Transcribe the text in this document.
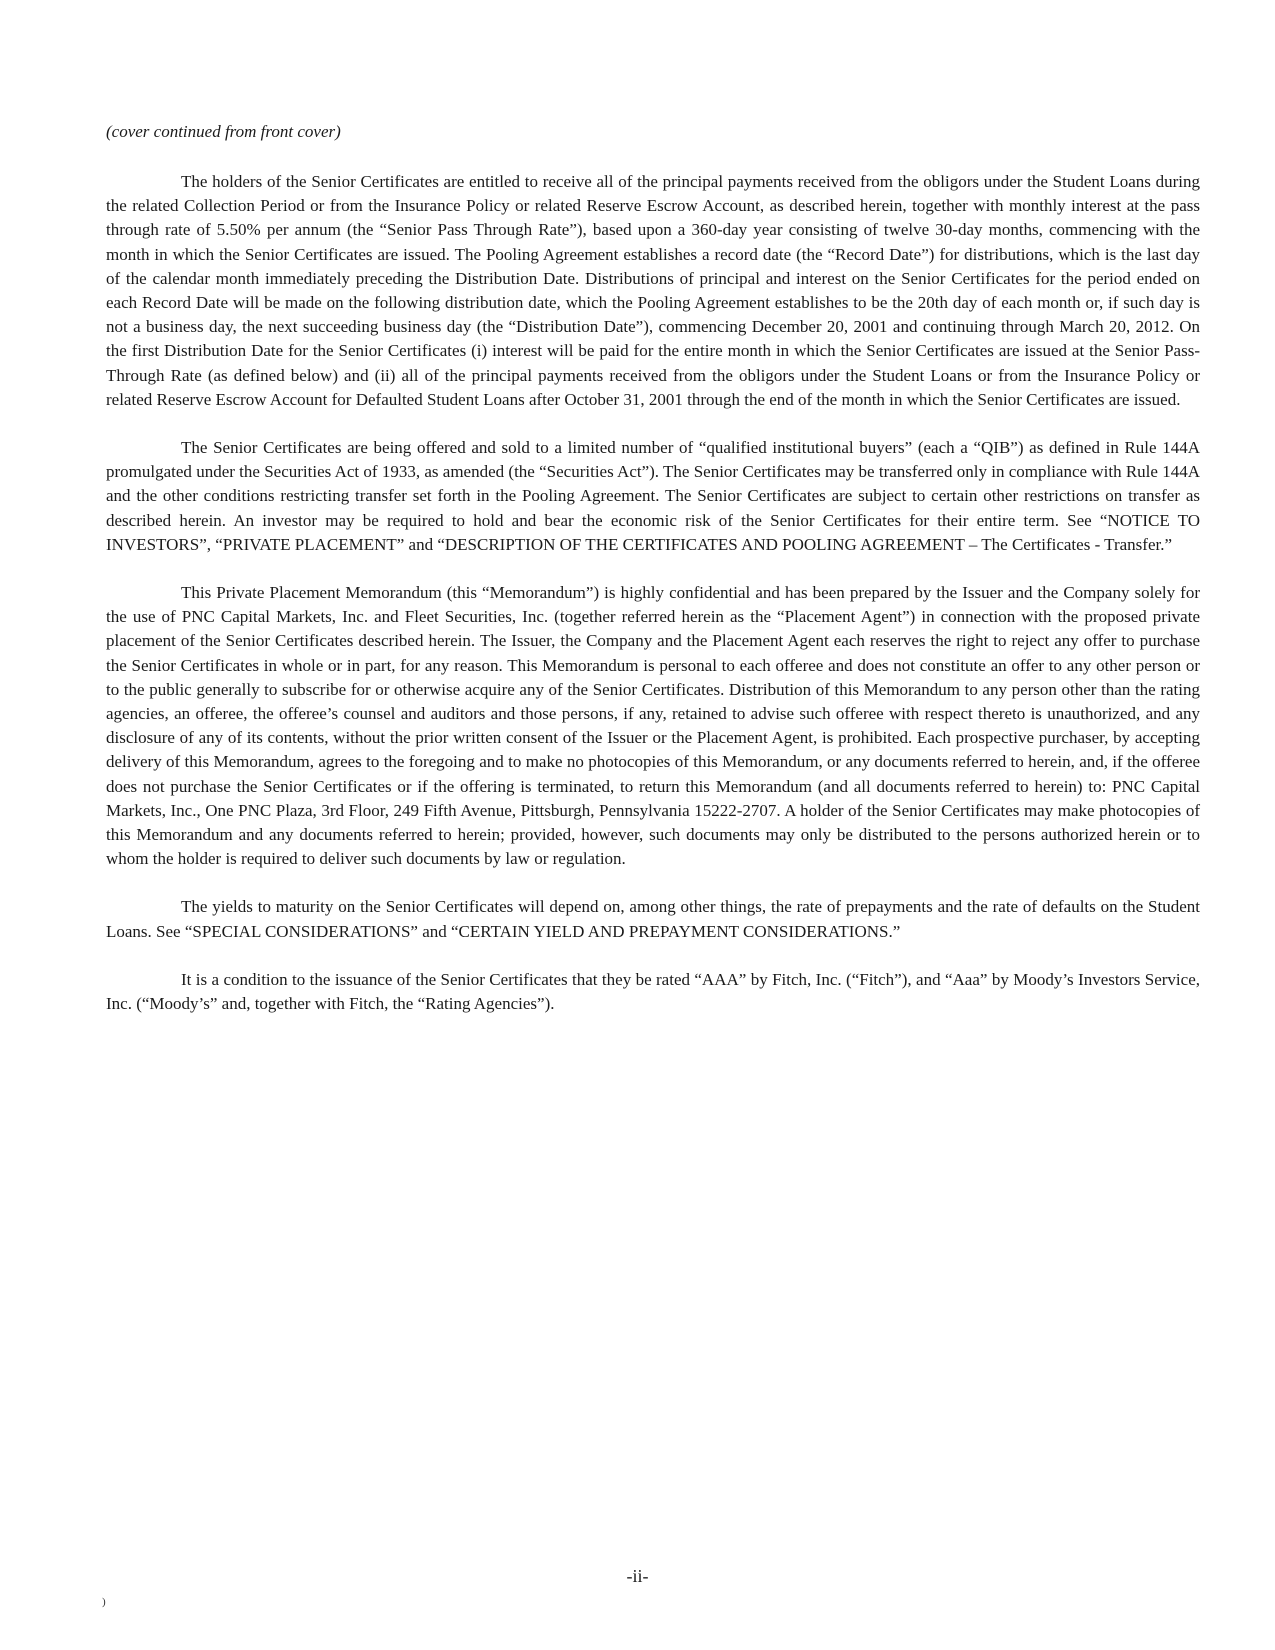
(cover continued from front cover)

The holders of the Senior Certificates are entitled to receive all of the principal payments received from the obligors under the Student Loans during the related Collection Period or from the Insurance Policy or related Reserve Escrow Account, as described herein, together with monthly interest at the pass through rate of 5.50% per annum (the “Senior Pass Through Rate”), based upon a 360-day year consisting of twelve 30-day months, commencing with the month in which the Senior Certificates are issued. The Pooling Agreement establishes a record date (the “Record Date”) for distributions, which is the last day of the calendar month immediately preceding the Distribution Date. Distributions of principal and interest on the Senior Certificates for the period ended on each Record Date will be made on the following distribution date, which the Pooling Agreement establishes to be the 20th day of each month or, if such day is not a business day, the next succeeding business day (the “Distribution Date”), commencing December 20, 2001 and continuing through March 20, 2012. On the first Distribution Date for the Senior Certificates (i) interest will be paid for the entire month in which the Senior Certificates are issued at the Senior Pass-Through Rate (as defined below) and (ii) all of the principal payments received from the obligors under the Student Loans or from the Insurance Policy or related Reserve Escrow Account for Defaulted Student Loans after October 31, 2001 through the end of the month in which the Senior Certificates are issued.

The Senior Certificates are being offered and sold to a limited number of “qualified institutional buyers” (each a “QIB”) as defined in Rule 144A promulgated under the Securities Act of 1933, as amended (the “Securities Act”). The Senior Certificates may be transferred only in compliance with Rule 144A and the other conditions restricting transfer set forth in the Pooling Agreement. The Senior Certificates are subject to certain other restrictions on transfer as described herein. An investor may be required to hold and bear the economic risk of the Senior Certificates for their entire term. See “NOTICE TO INVESTORS”, “PRIVATE PLACEMENT” and “DESCRIPTION OF THE CERTIFICATES AND POOLING AGREEMENT – The Certificates - Transfer.”

This Private Placement Memorandum (this “Memorandum”) is highly confidential and has been prepared by the Issuer and the Company solely for the use of PNC Capital Markets, Inc. and Fleet Securities, Inc. (together referred herein as the “Placement Agent”) in connection with the proposed private placement of the Senior Certificates described herein. The Issuer, the Company and the Placement Agent each reserves the right to reject any offer to purchase the Senior Certificates in whole or in part, for any reason. This Memorandum is personal to each offeree and does not constitute an offer to any other person or to the public generally to subscribe for or otherwise acquire any of the Senior Certificates. Distribution of this Memorandum to any person other than the rating agencies, an offeree, the offeree’s counsel and auditors and those persons, if any, retained to advise such offeree with respect thereto is unauthorized, and any disclosure of any of its contents, without the prior written consent of the Issuer or the Placement Agent, is prohibited. Each prospective purchaser, by accepting delivery of this Memorandum, agrees to the foregoing and to make no photocopies of this Memorandum, or any documents referred to herein, and, if the offeree does not purchase the Senior Certificates or if the offering is terminated, to return this Memorandum (and all documents referred to herein) to: PNC Capital Markets, Inc., One PNC Plaza, 3rd Floor, 249 Fifth Avenue, Pittsburgh, Pennsylvania 15222-2707. A holder of the Senior Certificates may make photocopies of this Memorandum and any documents referred to herein; provided, however, such documents may only be distributed to the persons authorized herein or to whom the holder is required to deliver such documents by law or regulation.

The yields to maturity on the Senior Certificates will depend on, among other things, the rate of prepayments and the rate of defaults on the Student Loans. See “SPECIAL CONSIDERATIONS” and “CERTAIN YIELD AND PREPAYMENT CONSIDERATIONS.”

It is a condition to the issuance of the Senior Certificates that they be rated “AAA” by Fitch, Inc. (“Fitch”), and “Aaa” by Moody’s Investors Service, Inc. (“Moody’s” and, together with Fitch, the “Rating Agencies”).

-ii-
)
